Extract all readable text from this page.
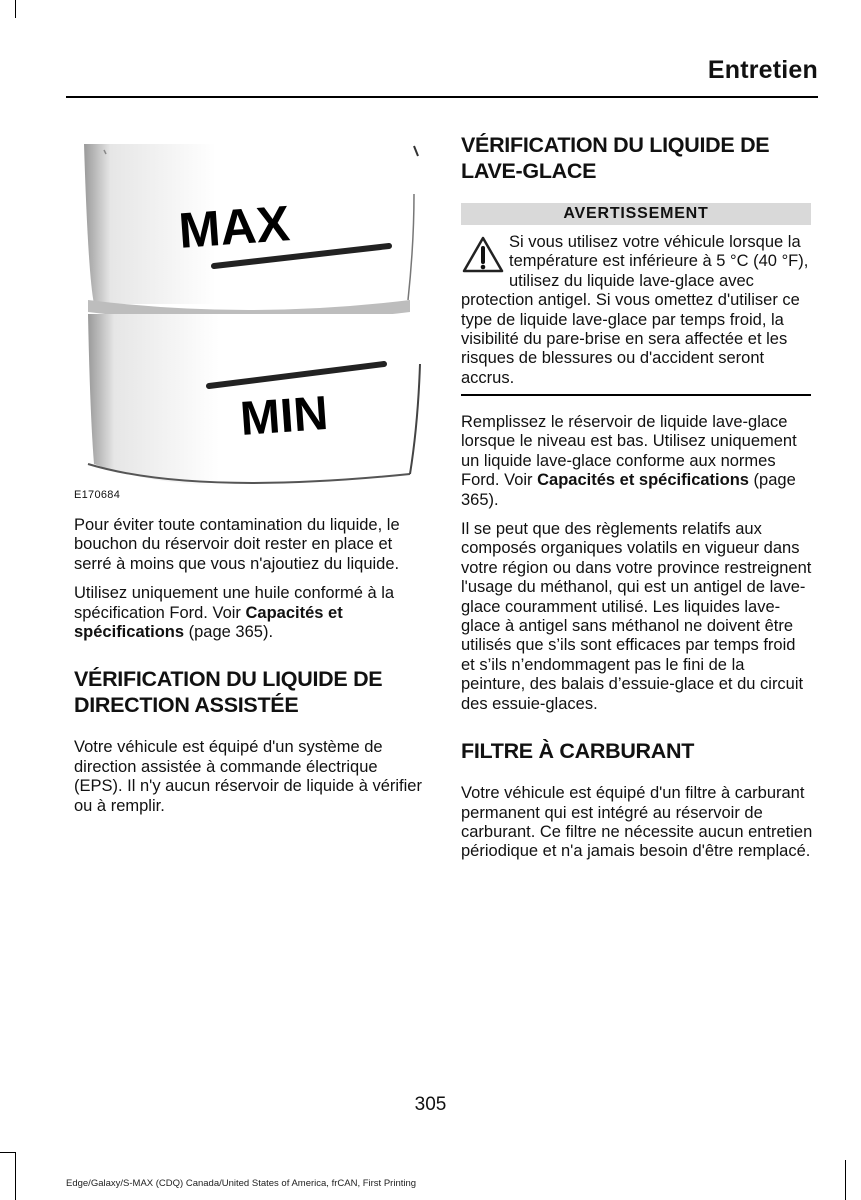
Entretien
MAX
MIN
E170684

Pour éviter toute contamination du liquide, le bouchon du réservoir doit rester en place et serré à moins que vous n'ajoutiez du liquide.

Utilisez uniquement une huile conformé à la spécification Ford. Voir Capacités et spécifications (page 365).

VÉRIFICATION DU LIQUIDE DE DIRECTION ASSISTÉE

Votre véhicule est équipé d'un système de direction assistée à commande électrique (EPS). Il n'y aucun réservoir de liquide à vérifier ou à remplir.

VÉRIFICATION DU LIQUIDE DE LAVE-GLACE
AVERTISSEMENT
Si vous utilisez votre véhicule lorsque la température est inférieure à 5 °C (40 °F), utilisez du liquide lave-glace avec protection antigel. Si vous omettez d'utiliser ce type de liquide lave-glace par temps froid, la visibilité du pare-brise en sera affectée et les risques de blessures ou d'accident seront accrus.

Remplissez le réservoir de liquide lave-glace lorsque le niveau est bas. Utilisez uniquement un liquide lave-glace conforme aux normes Ford. Voir Capacités et spécifications (page 365).

Il se peut que des règlements relatifs aux composés organiques volatils en vigueur dans votre région ou dans votre province restreignent l'usage du méthanol, qui est un antigel de lave-glace couramment utilisé. Les liquides lave-glace à antigel sans méthanol ne doivent être utilisés que s’ils sont efficaces par temps froid et s’ils n’endommagent pas le fini de la peinture, des balais d’essuie-glace et du circuit des essuie-glaces.

FILTRE À CARBURANT

Votre véhicule est équipé d'un filtre à carburant permanent qui est intégré au réservoir de carburant. Ce filtre ne nécessite aucun entretien périodique et n'a jamais besoin d'être remplacé.

305
Edge/Galaxy/S-MAX (CDQ) Canada/United States of America, frCAN, First Printing
